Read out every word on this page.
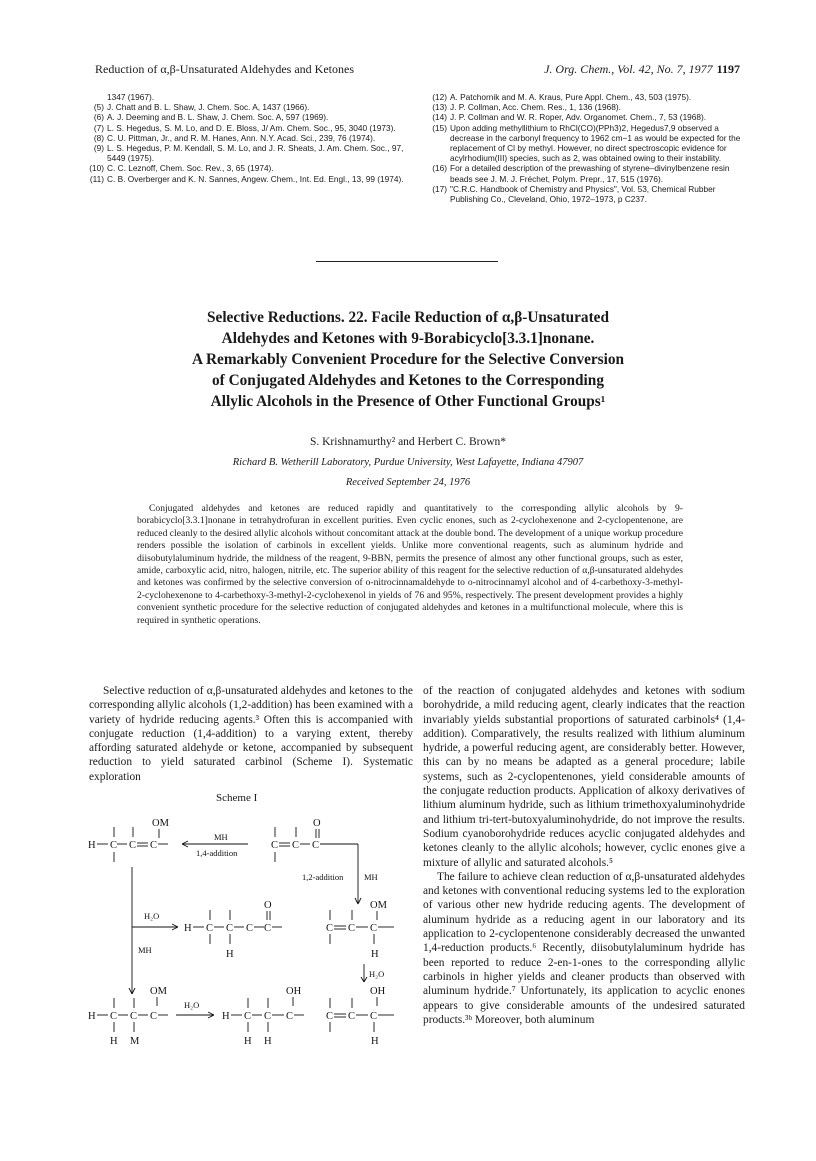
Reduction of α,β-Unsaturated Aldehydes and Ketones	J. Org. Chem., Vol. 42, No. 7, 1977 1197
1347 (1967).
(5) J. Chatt and B. L. Shaw, J. Chem. Soc. A, 1437 (1966).
(6) A. J. Deeming and B. L. Shaw, J. Chem. Soc. A, 597 (1969).
(7) L. S. Hegedus, S. M. Lo, and D. E. Bloss, J/ Am. Chem. Soc., 95, 3040 (1973).
(8) C. U. Pittman, Jr., and R. M. Hanes, Ann. N.Y. Acad. Sci., 239, 76 (1974).
(9) L. S. Hegedus, P. M. Kendall, S. M. Lo, and J. R. Sheats, J. Am. Chem. Soc., 97, 5449 (1975).
(10) C. C. Leznoff, Chem. Soc. Rev., 3, 65 (1974).
(11) C. B. Overberger and K. N. Sannes, Angew. Chem., Int. Ed. Engl., 13, 99 (1974).
(12) A. Patchornik and M. A. Kraus, Pure Appl. Chem., 43, 503 (1975).
(13) J. P. Collman, Acc. Chem. Res., 1, 136 (1968).
(14) J. P. Collman and W. R. Roper, Adv. Organomet. Chem., 7, 53 (1968).
(15) Upon adding methyllithium to RhCl(CO)(PPh3)2, Hegedus7,9 observed a decrease in the carbonyl frequency to 1962 cm−1 as would be expected for the replacement of Cl by methyl. However, no direct spectroscopic evidence for acylrhodium(III) species, such as 2, was obtained owing to their instability.
(16) For a detailed description of the prewashing of styrene–divinylbenzene resin beads see J. M. J. Fréchet, Polym. Prepr., 17, 515 (1976).
(17) "C.R.C. Handbook of Chemistry and Physics", Vol. 53, Chemical Rubber Publishing Co., Cleveland, Ohio, 1972–1973, p C237.
Selective Reductions. 22. Facile Reduction of α,β-Unsaturated
Aldehydes and Ketones with 9-Borabicyclo[3.3.1]nonane.
A Remarkably Convenient Procedure for the Selective Conversion
of Conjugated Aldehydes and Ketones to the Corresponding
Allylic Alcohols in the Presence of Other Functional Groups¹
S. Krishnamurthy² and Herbert C. Brown*
Richard B. Wetherill Laboratory, Purdue University, West Lafayette, Indiana 47907
Received September 24, 1976
Conjugated aldehydes and ketones are reduced rapidly and quantitatively to the corresponding allylic alcohols by 9-borabicyclo[3.3.1]nonane in tetrahydrofuran in excellent purities. Even cyclic enones, such as 2-cyclohexenone and 2-cyclopentenone, are reduced cleanly to the desired allylic alcohols without concomitant attack at the double bond. The development of a unique workup procedure renders possible the isolation of carbinols in excellent yields. Unlike more conventional reagents, such as aluminum hydride and diisobutylaluminum hydride, the mildness of the reagent, 9-BBN, permits the presence of almost any other functional groups, such as ester, amide, carboxylic acid, nitro, halogen, nitrile, etc. The superior ability of this reagent for the selective reduction of α,β-unsaturated aldehydes and ketones was confirmed by the selective conversion of o-nitrocinnamaldehyde to o-nitrocinnamyl alcohol and of 4-carbethoxy-3-methyl-2-cyclohexenone to 4-carbethoxy-3-methyl-2-cyclohexenol in yields of 76 and 95%, respectively. The present development provides a highly convenient synthetic procedure for the selective reduction of conjugated aldehydes and ketones in a multifunctional molecule, where this is required in synthetic operations.

Selective reduction of α,β-unsaturated aldehydes and ketones to the corresponding allylic alcohols (1,2-addition) has been examined with a variety of hydride reducing agents.³ Often this is accompanied with conjugate reduction (1,4-addition) to a varying extent, thereby affording saturated aldehyde or ketone, accompanied by subsequent reduction to yield saturated carbinol (Scheme I). Systematic exploration

Scheme I
OM
H C C C
MH
1,4-addition
O
C C C
1,2-addition MH
H₂O
MH
O
H C C C C
H
OM
C C C
H
H₂O
OM
H C C C
H M
H₂O
OH
H C C C
H H
OH
C C C
H

of the reaction of conjugated aldehydes and ketones with sodium borohydride, a mild reducing agent, clearly indicates that the reaction invariably yields substantial proportions of saturated carbinols⁴ (1,4-addition). Comparatively, the results realized with lithium aluminum hydride, a powerful reducing agent, are considerably better. However, this can by no means be adapted as a general procedure; labile systems, such as 2-cyclopentenones, yield considerable amounts of the conjugate reduction products. Application of alkoxy derivatives of lithium aluminum hydride, such as lithium trimethoxyaluminohydride and lithium tri-tert-butoxyaluminohydride, do not improve the results. Sodium cyanoborohydride reduces acyclic conjugated aldehydes and ketones cleanly to the allylic alcohols; however, cyclic enones give a mixture of allylic and saturated alcohols.⁵

The failure to achieve clean reduction of α,β-unsaturated aldehydes and ketones with conventional reducing systems led to the exploration of various other new hydride reducing agents. The development of aluminum hydride as a reducing agent in our laboratory and its application to 2-cyclopentenone considerably decreased the unwanted 1,4-reduction products.⁶ Recently, diisobutylaluminum hydride has been reported to reduce 2-en-1-ones to the corresponding allylic carbinols in higher yields and cleaner products than observed with aluminum hydride.⁷ Unfortunately, its application to acyclic enones appears to give considerable amounts of the undesired saturated products.³ᵇ Moreover, both aluminum
